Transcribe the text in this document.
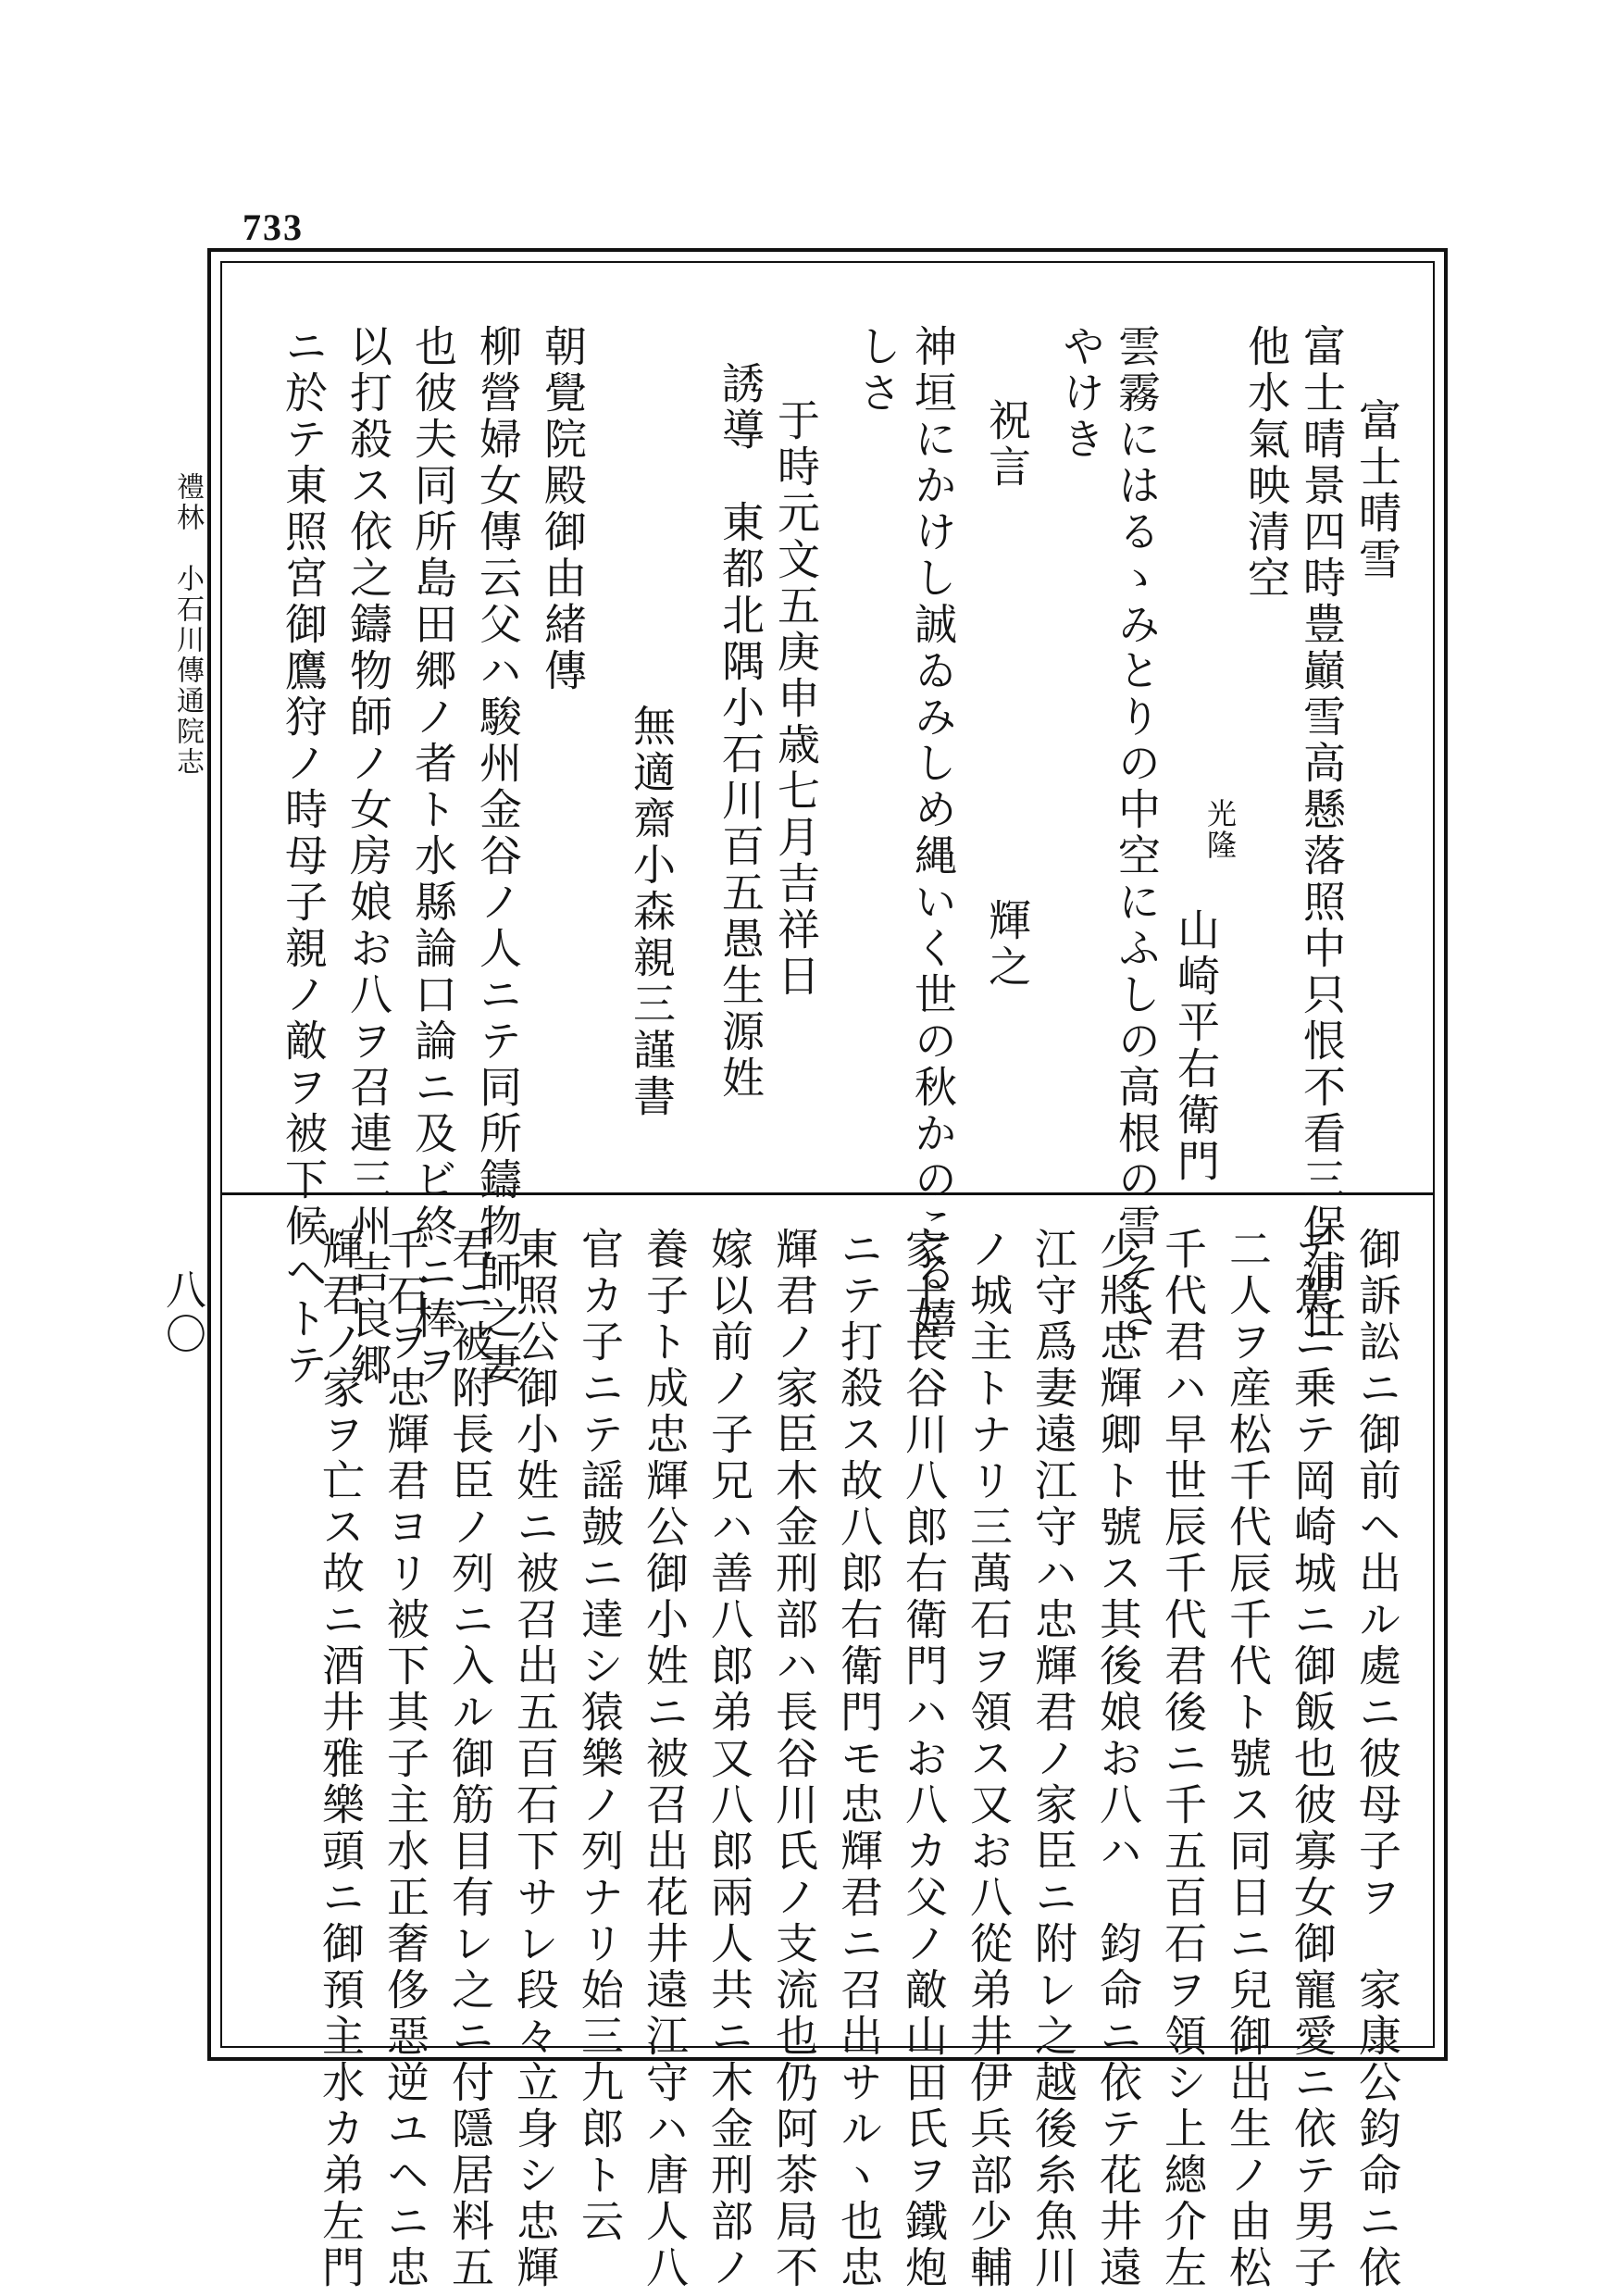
733
禮林　小石川傳通院志
八〇
富士晴雪
富士晴景四時豊巓雪高懸落照中只恨不看三保浦任
他水氣映清空
光隆
山崎平右衛門
雲霧にはるゝみとりの中空にふしの高根の雪そさ
やけき
祝言
輝之
神垣にかけし誠ゐみしめ縄いく世の秋かのこる嬉
しさ
于時元文五庚申歳七月吉祥日
誘導
東都北隅小石川百五愚生源姓
無適齋小森親三謹書
朝覺院殿御由緒傳
柳營婦女傳云父ハ駿州金谷ノ人ニテ同所鑄物師之妻
也彼夫同所島田郷ノ者ト水縣論口論ニ及ビ終ニ棒ヲ
以打殺ス依之鑄物師ノ女房娘お八ヲ召連三州吉良郷
ニ於テ東照宮御鷹狩ノ時母子親ノ敵ヲ被下候ヘトテ
御訴訟ニ御前ヘ出ル處ニ彼母子ヲ　家康公鈞命ニ依
テ駕ニ乗テ岡崎城ニ御飯也彼寡女御寵愛ニ依テ男子
二人ヲ産松千代辰千代ト號ス同日ニ兒御出生ノ由松
千代君ハ早世辰千代君後ニ千五百石ヲ領シ上總介左
少將忠輝卿ト號ス其後娘お八ハ　鈞命ニ依テ花井遠
江守爲妻遠江守ハ忠輝君ノ家臣ニ附レ之越後糸魚川
ノ城主トナリ三萬石ヲ領ス又お八從弟井伊兵部少輔
家士長谷川八郎右衛門ハお八カ父ノ敵山田氏ヲ鐵炮
ニテ打殺ス故八郎右衛門モ忠輝君ニ召出サルヽ也忠
輝君ノ家臣木金刑部ハ長谷川氏ノ支流也仍阿茶局不
嫁以前ノ子兄ハ善八郎弟又八郎兩人共ニ木金刑部ノ
養子ト成忠輝公御小姓ニ被召出花井遠江守ハ唐人八
官カ子ニテ謡皷ニ達シ猿樂ノ列ナリ始三九郎ト云
東照公御小姓ニ被召出五百石下サレ段々立身シ忠輝
君ニ被附長臣ノ列ニ入ル御筋目有レ之ニ付隱居料五
千石ヲ忠輝君ヨリ被下其子主水正奢侈惡逆ユヘニ忠
輝君ノ家ヲ亡ス故ニ酒井雅樂頭ニ御預主水カ弟左門
